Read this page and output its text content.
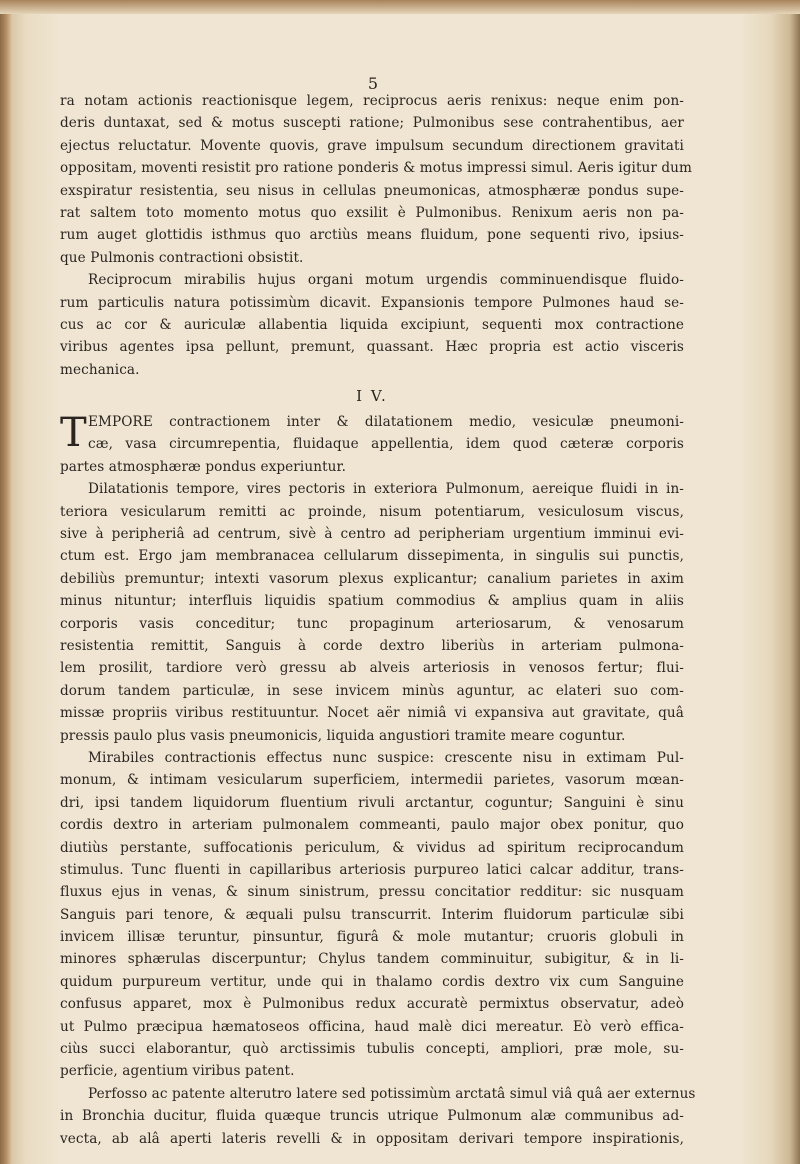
5
ra notam actionis reactionisque legem, reciprocus aeris renixus: neque enim pon-
deris duntaxat, sed & motus suscepti ratione; Pulmonibus sese contrahentibus, aer
ejectus reluctatur. Movente quovis, grave impulsum secundum directionem gravitati
oppositam, moventi resistit pro ratione ponderis & motus impressi simul. Aeris igitur dum
exspiratur resistentia, seu nisus in cellulas pneumonicas, atmosphæræ pondus supe-
rat saltem toto momento motus quo exsilit è Pulmonibus. Renixum aeris non pa-
rum auget glottidis isthmus quo arctiùs means fluidum, pone sequenti rivo, ipsius-
que Pulmonis contractioni obsistit.
Reciprocum mirabilis hujus organi motum urgendis comminuendisque fluido-
rum particulis natura potissimùm dicavit. Expansionis tempore Pulmones haud se-
cus ac cor & auriculæ allabentia liquida excipiunt, sequenti mox contractione
viribus agentes ipsa pellunt, premunt, quassant. Hæc propria est actio visceris
mechanica.
I V.
T EMPORE contractionem inter & dilatationem medio, vesiculæ pneumoni-
cæ, vasa circumrepentia, fluidaque appellentia, idem quod cæteræ corporis
partes atmosphæræ pondus experiuntur.
Dilatationis tempore, vires pectoris in exteriora Pulmonum, aereique fluidi in in-
teriora vesicularum remitti ac proinde, nisum potentiarum, vesiculosum viscus,
sive à peripheriâ ad centrum, sivè à centro ad peripheriam urgentium imminui evi-
ctum est. Ergo jam membranacea cellularum dissepimenta, in singulis sui punctis,
debiliùs premuntur; intexti vasorum plexus explicantur; canalium parietes in axim
minus nituntur; interfluis liquidis spatium commodius & amplius quam in aliis
corporis vasis conceditur; tunc propaginum arteriosarum, & venosarum
resistentia remittit, Sanguis à corde dextro liberiùs in arteriam pulmona-
lem prosilit, tardiore verò gressu ab alveis arteriosis in venosos fertur; flui-
dorum tandem particulæ, in sese invicem minùs aguntur, ac elateri suo com-
missæ propriis viribus restituuntur. Nocet aër nimiâ vi expansiva aut gravitate, quâ
pressis paulo plus vasis pneumonicis, liquida angustiori tramite meare coguntur.
Mirabiles contractionis effectus nunc suspice: crescente nisu in extimam Pul-
monum, & intimam vesicularum superficiem, intermedii parietes, vasorum mœan-
dri, ipsi tandem liquidorum fluentium rivuli arctantur, coguntur; Sanguini è sinu
cordis dextro in arteriam pulmonalem commeanti, paulo major obex ponitur, quo
diutiùs perstante, suffocationis periculum, & vividus ad spiritum reciprocandum
stimulus. Tunc fluenti in capillaribus arteriosis purpureo latici calcar additur, trans-
fluxus ejus in venas, & sinum sinistrum, pressu concitatior redditur: sic nusquam
Sanguis pari tenore, & æquali pulsu transcurrit. Interim fluidorum particulæ sibi
invicem illisæ teruntur, pinsuntur, figurâ & mole mutantur; cruoris globuli in
minores sphærulas discerpuntur; Chylus tandem comminuitur, subigitur, & in li-
quidum purpureum vertitur, unde qui in thalamo cordis dextro vix cum Sanguine
confusus apparet, mox è Pulmonibus redux accuratè permixtus observatur, adeò
ut Pulmo præcipua hæmatoseos officina, haud malè dici mereatur. Eò verò effica-
ciùs succi elaborantur, quò arctissimis tubulis concepti, ampliori, præ mole, su-
perficie, agentium viribus patent.
Perfosso ac patente alterutro latere sed potissimùm arctatâ simul viâ quâ aer externus
in Bronchia ducitur, fluida quæque truncis utrique Pulmonum alæ communibus ad-
vecta, ab alâ aperti lateris revelli & in oppositam derivari tempore inspirationis,
